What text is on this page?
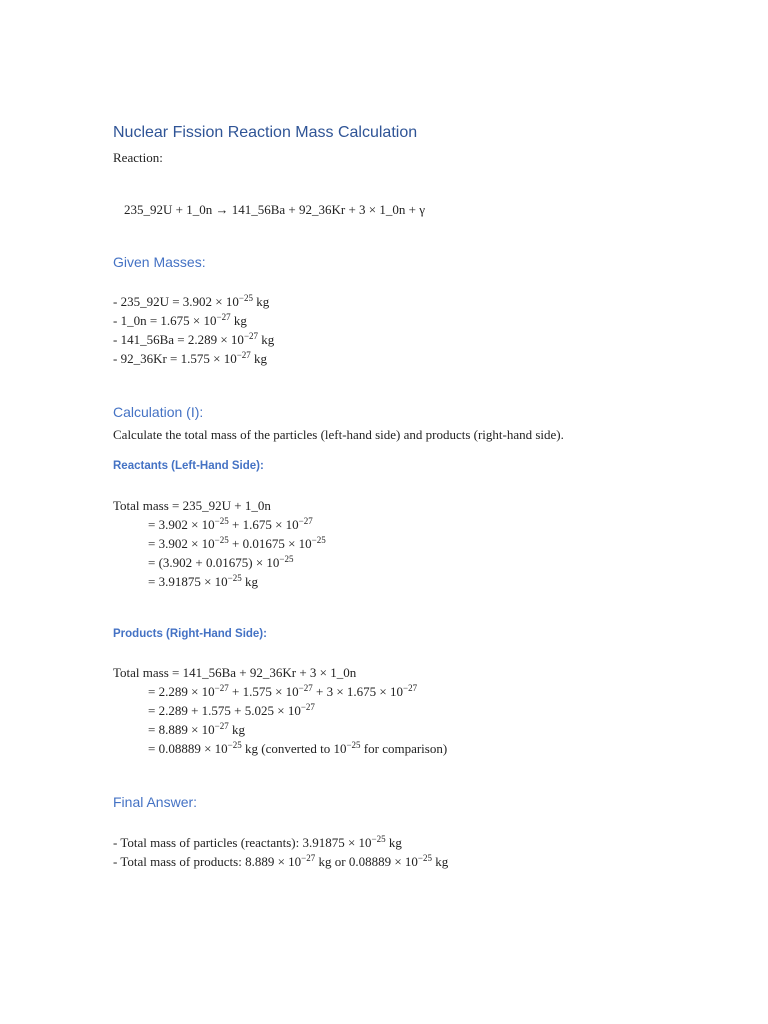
Nuclear Fission Reaction Mass Calculation

Reaction:

235_92U + 1_0n → 141_56Ba + 92_36Kr + 3 × 1_0n + γ

Given Masses:
- 235_92U = $3.902 \times 10^{-25}$ kg
- 1_0n = $1.675 \times 10^{-27}$ kg
- 141_56Ba = $2.289 \times 10^{-27}$ kg
- 92_36Kr = $1.575 \times 10^{-27}$ kg
Calculation (I):

Calculate the total mass of the particles (left-hand side) and products (right-hand side).

Reactants (Left-Hand Side):
Total mass = 235_92U + 1_0n
= $3.902 \times 10^{-25} + 1.675 \times 10^{-27}$
= $3.902 \times 10^{-25} + 0.01675 \times 10^{-25}$
= $(3.902 + 0.01675) \times 10^{-25}$
= $3.91875 \times 10^{-25}$ kg
Products (Right-Hand Side):
Total mass = 141_56Ba + 92_36Kr + 3 × 1_0n
= $2.289 \times 10^{-27} + 1.575 \times 10^{-27} + 3 \times 1.675 \times 10^{-27}$
= $2.289 + 1.575 + 5.025 \times 10^{-27}$
= $8.889 \times 10^{-27}$ kg
= $0.08889 \times 10^{-25}$ kg (converted to $10^{-25}$ for comparison)
Final Answer:
- Total mass of particles (reactants): $3.91875 \times 10^{-25}$ kg
- Total mass of products: $8.889 \times 10^{-27}$ kg or $0.08889 \times 10^{-25}$ kg
